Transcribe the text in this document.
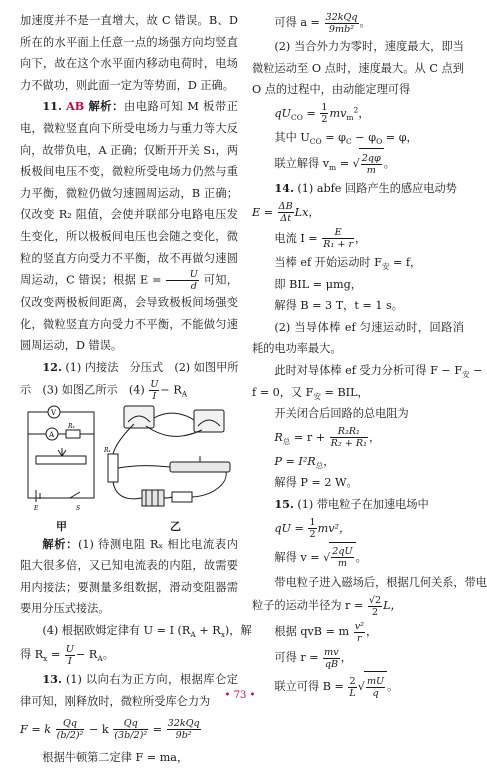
加速度并不是一直增大，故 C 错误。B、D 所在的水平面上任意一点的场强方向均竖直向下，故在这个水平面内移动电荷时，电场力不做功，则此面一定为等势面，D 正确。
11. AB 解析：由电路可知 M 板带正电，微粒竖直向下所受电场力与重力等大反向，故带负电，A 正确；仅断开开关 S₁，两板极间电压不变，微粒所受电场力仍然与重力平衡，微粒仍做匀速圆周运动，B 正确；仅改变 R₂ 阻值，会使并联部分电路电压发生变化，所以极板间电压也会随之变化，微粒的竖直方向受力不平衡，故不再做匀速圆周运动，C 错误；根据 $E = \frac{U}{d}$ 可知，仅改变两极板间距离，会导致极板间场强变化，微粒竖直方向受力不平衡，不能做匀速圆周运动，D 错误。
12. (1) 内接法　分压式　(2) 如图甲所
示　(3) 如图乙所示　$(4) \frac{U}{I} - R_A$
V
A
Rₓ
E	S
Rₓ
甲	乙
解析：(1) 待测电阻 Rₓ 相比电流表内阻大很多倍，又已知电流表的内阻，故需要用内接法；要测量多组数据，滑动变阻器需要用分压式接法。
(4) 根据欧姆定律有 U = I $(R_A + R_x)$，解
得 $R_x = \frac{U}{I} - R_A$。
13. (1) 以向右为正方向，根据库仑定律可知，刚释放时，微粒所受库仑力为
F = k $\frac{Qq}{\text{(b/2)²}} - k \frac{Qq}{\text{(3b/2)²}} = \frac{\text{32kQq}}{\text{9b²}}$
根据牛顿第二定律 F = ma，
可得 $a = \frac{\text{32kQq}}{\text{9mb²}}$ 。
(2) 当合外力为零时，速度最大，即当微粒运动至 O 点时，速度最大。从 C 点到 O 点的过程中，由动能定理可得
$qU_{CO} = \frac{1}{2} mv_m^2$，
其中 $U_{CO} = \varphi_C - \varphi_O = \varphi$，
联立解得 $v_m$ = √ $\frac{2q\varphi}{m}$ 。
14. (1) abfe 回路产生的感应电动势
$E = \frac{\Delta B}{\Delta t}$ Lx，
电流 $I = \frac{E}{\text{R₁ + r}}$ ，
当棒 ef 开始运动时 $F_安 = f$，
即 BIL = μmg，
解得 B = 3 T，t = 1 s。
(2) 当导体棒 ef 匀速运动时，回路消耗的电功率最大。
此时对导体棒 ef 受力分析可得 $F - F_安$ −
f = 0，又 $F_安$ = BIL，
开关闭合后回路的总电阻为
$R_总 = r + \frac{\text{R₂R₁}}{\text{R₂ + R₁}}$ ，
$P = I^2R_总$，
解得 P = 2 W。
15. (1) 带电粒子在加速电场中
qU = $\frac{1}{2} mv^2$，
解得 v = √ $\frac{2qU}{m}$ 。
带电粒子进入磁场后，根据几何关系，带电
粒子的运动半径为 $r = \frac{√2}{2}$ L，
根据 qvB = m $\frac{\text{v²}}{r}$ ，
可得 $r = \frac{mv}{qB}$ ，
联立可得 $B = \frac{2}{L}$ √ $\frac{mU}{q}$ 。
• 73 •
